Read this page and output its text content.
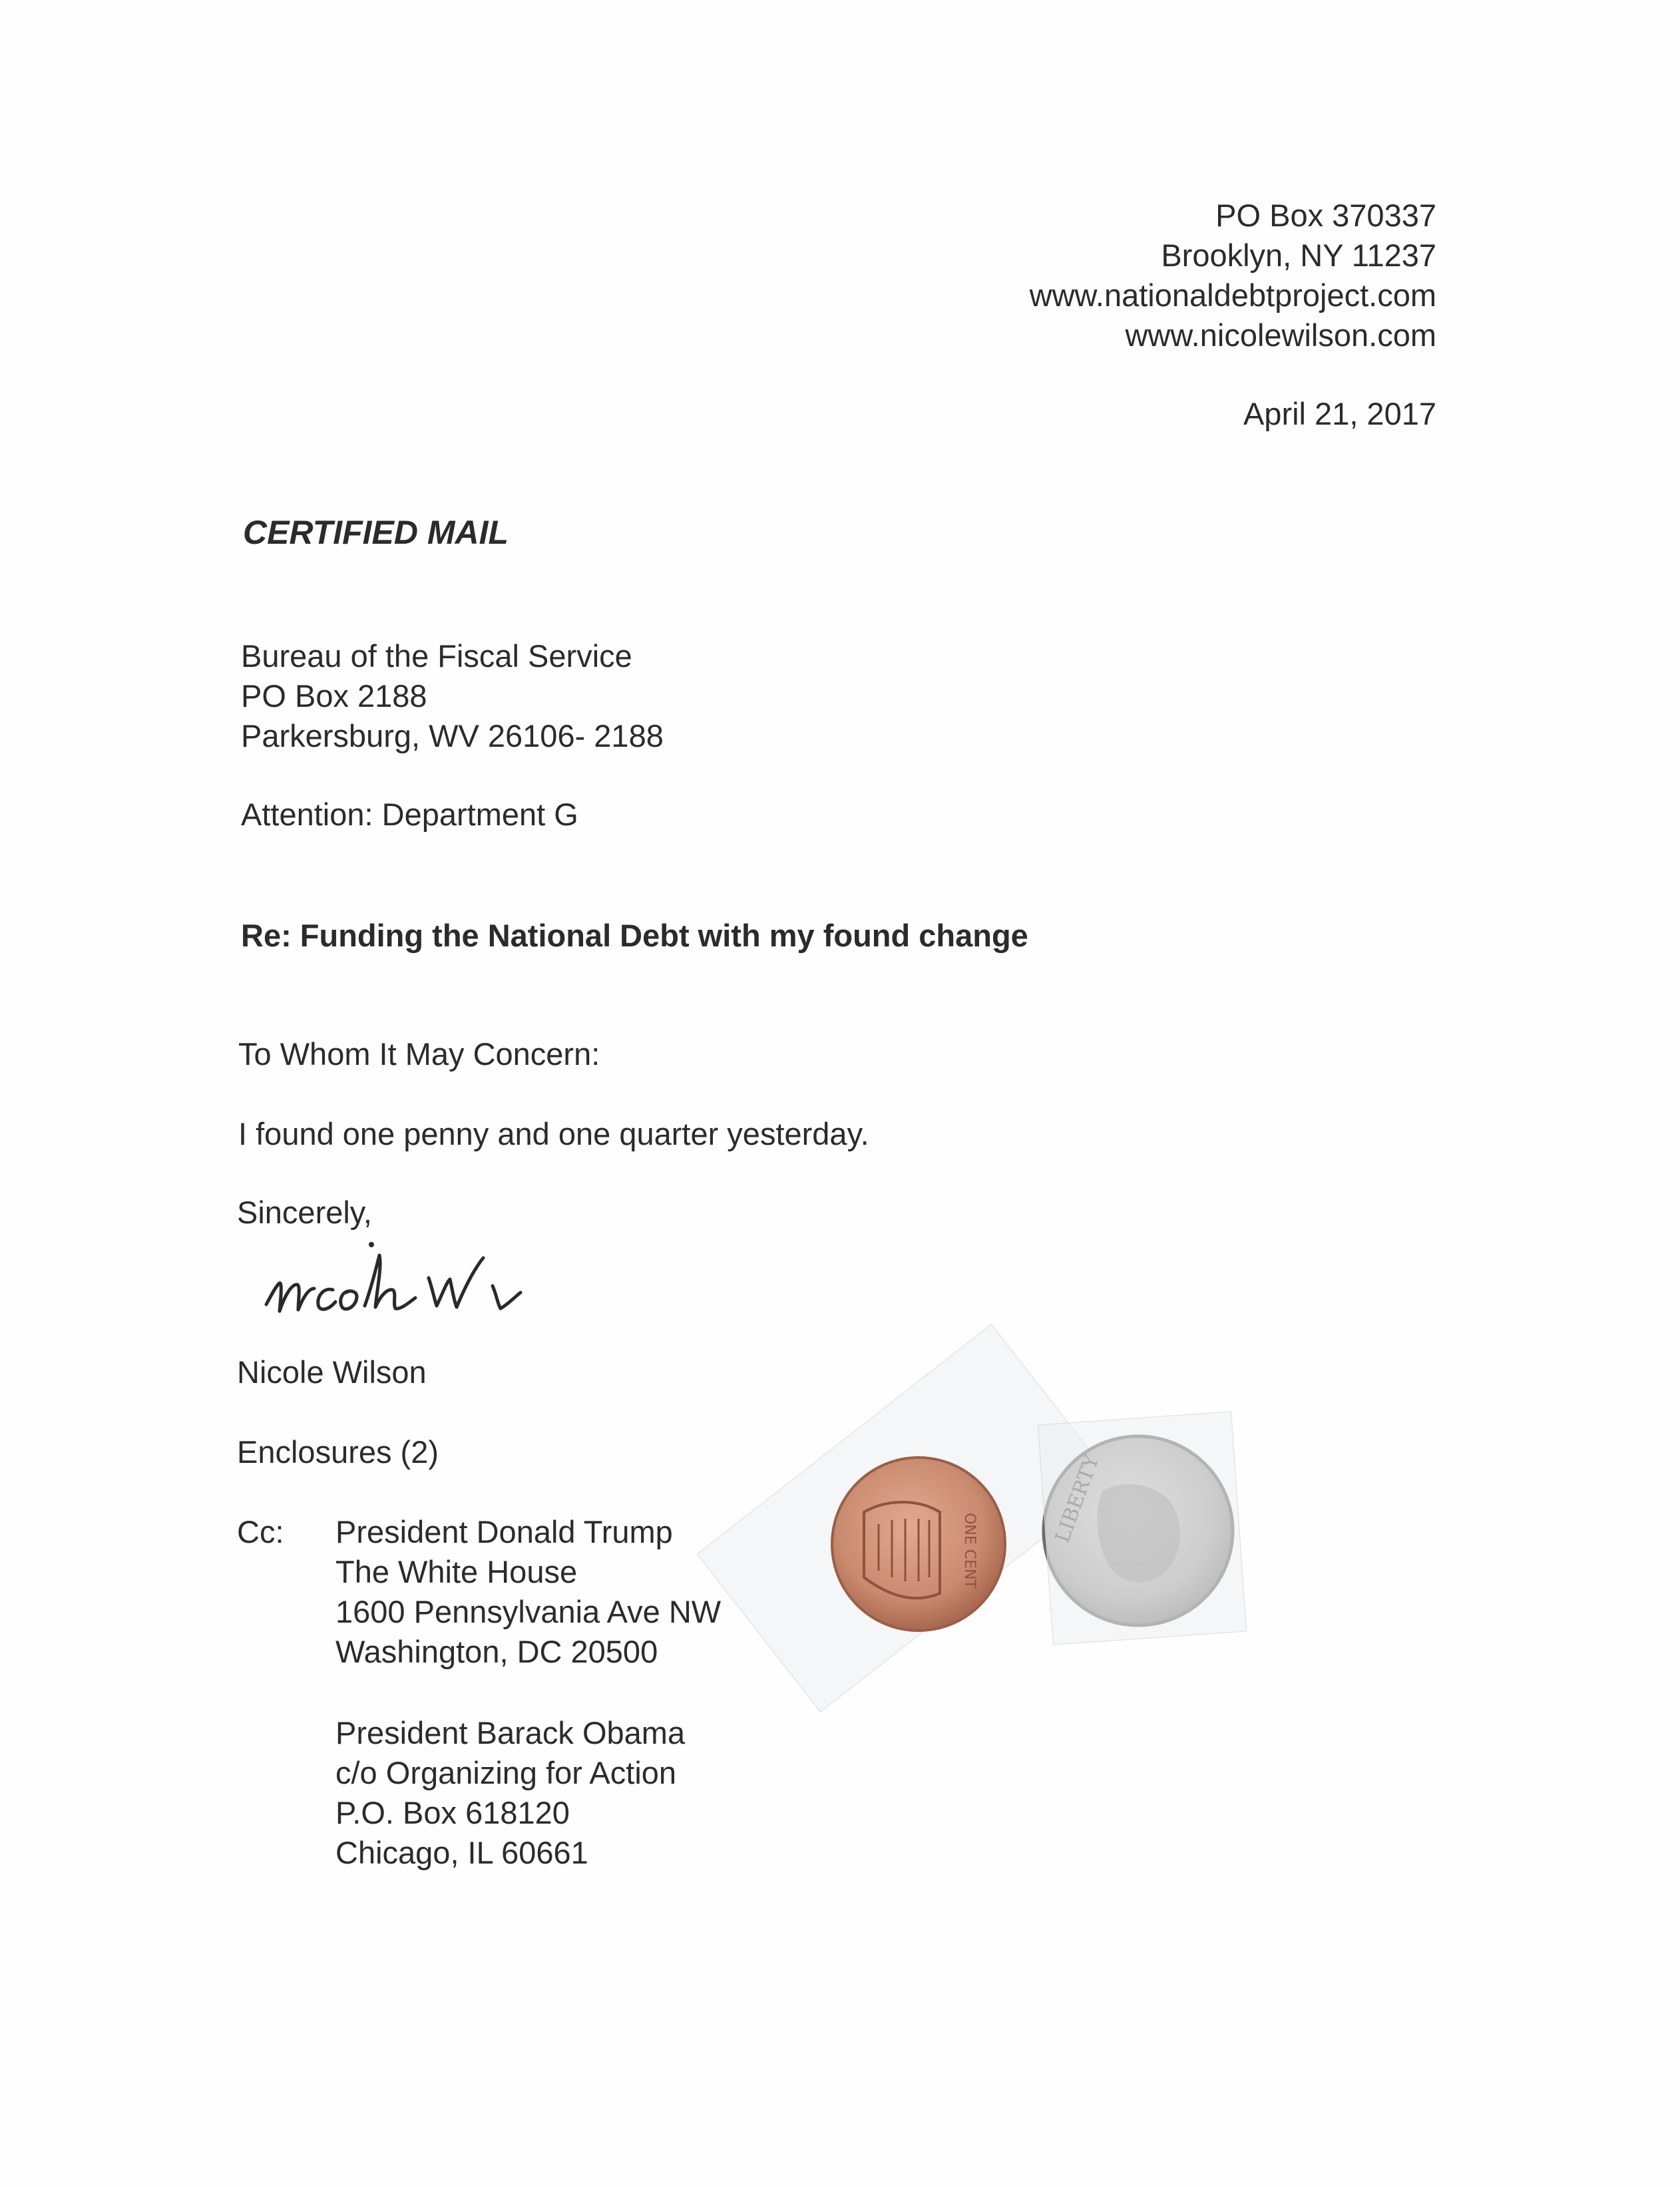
PO Box 370337
Brooklyn, NY 11237
www.nationaldebtproject.com
www.nicolewilson.com
April 21, 2017
CERTIFIED MAIL
Bureau of the Fiscal Service
PO Box 2188
Parkersburg, WV 26106- 2188
Attention: Department G
Re: Funding the National Debt with my found change
To Whom It May Concern:
I found one penny and one quarter yesterday.
Sincerely,
Nicole Wilson
Enclosures (2)
Cc: President Donald Trump
The White House
1600 Pennsylvania Ave NW
Washington, DC 20500
President Barack Obama
c/o Organizing for Action
P.O. Box 618120
Chicago, IL 60661
ONE CENT
